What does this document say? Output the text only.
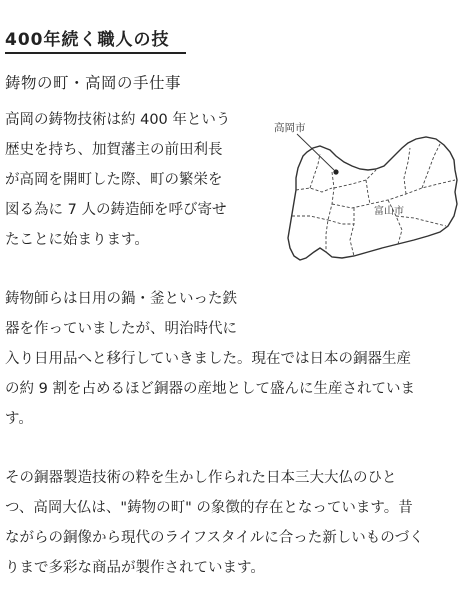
400年続く職人の技
鋳物の町・高岡の手仕事
高岡の鋳物技術は約 400 年という
歴史を持ち、加賀藩主の前田利長
が高岡を開町した際、町の繁栄を
図る為に 7 人の鋳造師を呼び寄せ
たことに始まります。
鋳物師らは日用の鍋・釜といった鉄
器を作っていましたが、明治時代に
入り日用品へと移行していきました。現在では日本の銅器生産
の約 9 割を占めるほど銅器の産地として盛んに生産されていま
す。
その銅器製造技術の粋を生かし作られた日本三大大仏のひと
つ、高岡大仏は、"鋳物の町" の象徴的存在となっています。昔
ながらの銅像から現代のライフスタイルに合った新しいものづく
りまで多彩な商品が製作されています。
高岡市
富山市
